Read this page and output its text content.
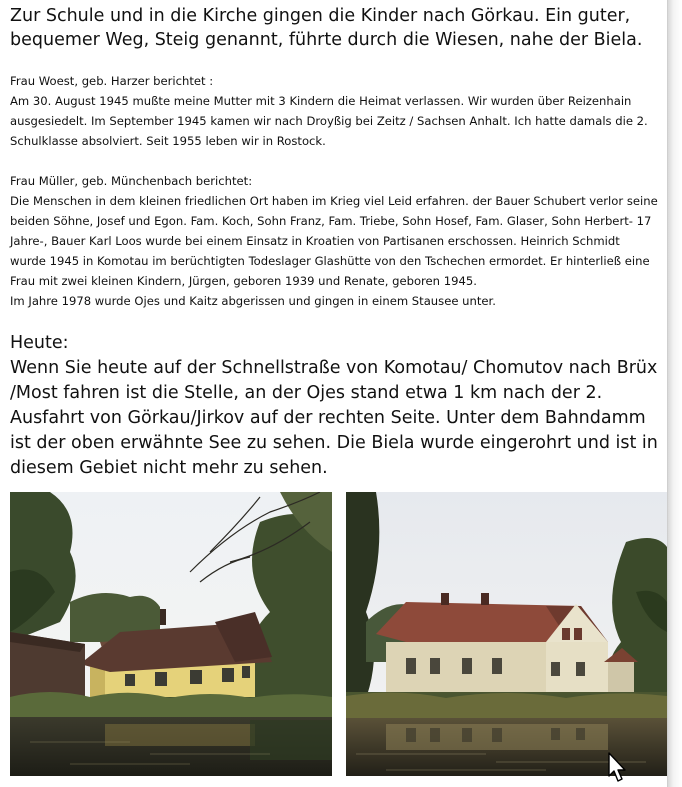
Zur Schule und in die Kirche gingen die Kinder nach Görkau. Ein guter, bequemer Weg, Steig genannt, führte durch die Wiesen, nahe der Biela.

Frau Woest, geb. Harzer berichtet :

Am 30. August 1945 mußte meine Mutter mit 3 Kindern die Heimat verlassen. Wir wurden über Reizenhain ausgesiedelt. Im September 1945 kamen wir nach Droyßig bei Zeitz / Sachsen Anhalt. Ich hatte damals die 2. Schulklasse absolviert. Seit 1955 leben wir in Rostock.

Frau Müller, geb. Münchenbach berichtet:

Die Menschen in dem kleinen friedlichen Ort haben im Krieg viel Leid erfahren. der Bauer Schubert verlor seine beiden Söhne, Josef und Egon. Fam. Koch, Sohn Franz, Fam. Triebe, Sohn Hosef, Fam. Glaser, Sohn Herbert- 17 Jahre-, Bauer Karl Loos wurde bei einem Einsatz in Kroatien von Partisanen erschossen. Heinrich Schmidt wurde 1945 in Komotau im berüchtigten Todeslager Glashütte von den Tschechen ermordet. Er hinterließ eine Frau mit zwei kleinen Kindern, Jürgen, geboren 1939 und Renate, geboren 1945.

Im Jahre 1978 wurde Ojes und Kaitz abgerissen und gingen in einem Stausee unter.

Heute:

Wenn Sie heute auf der Schnellstraße von Komotau/ Chomutov nach Brüx /Most fahren ist die Stelle, an der Ojes stand etwa 1 km nach der 2. Ausfahrt von Görkau/Jirkov auf der rechten Seite. Unter dem Bahndamm ist der oben erwähnte See zu sehen. Die Biela wurde eingerohrt und ist in diesem Gebiet nicht mehr zu sehen.
